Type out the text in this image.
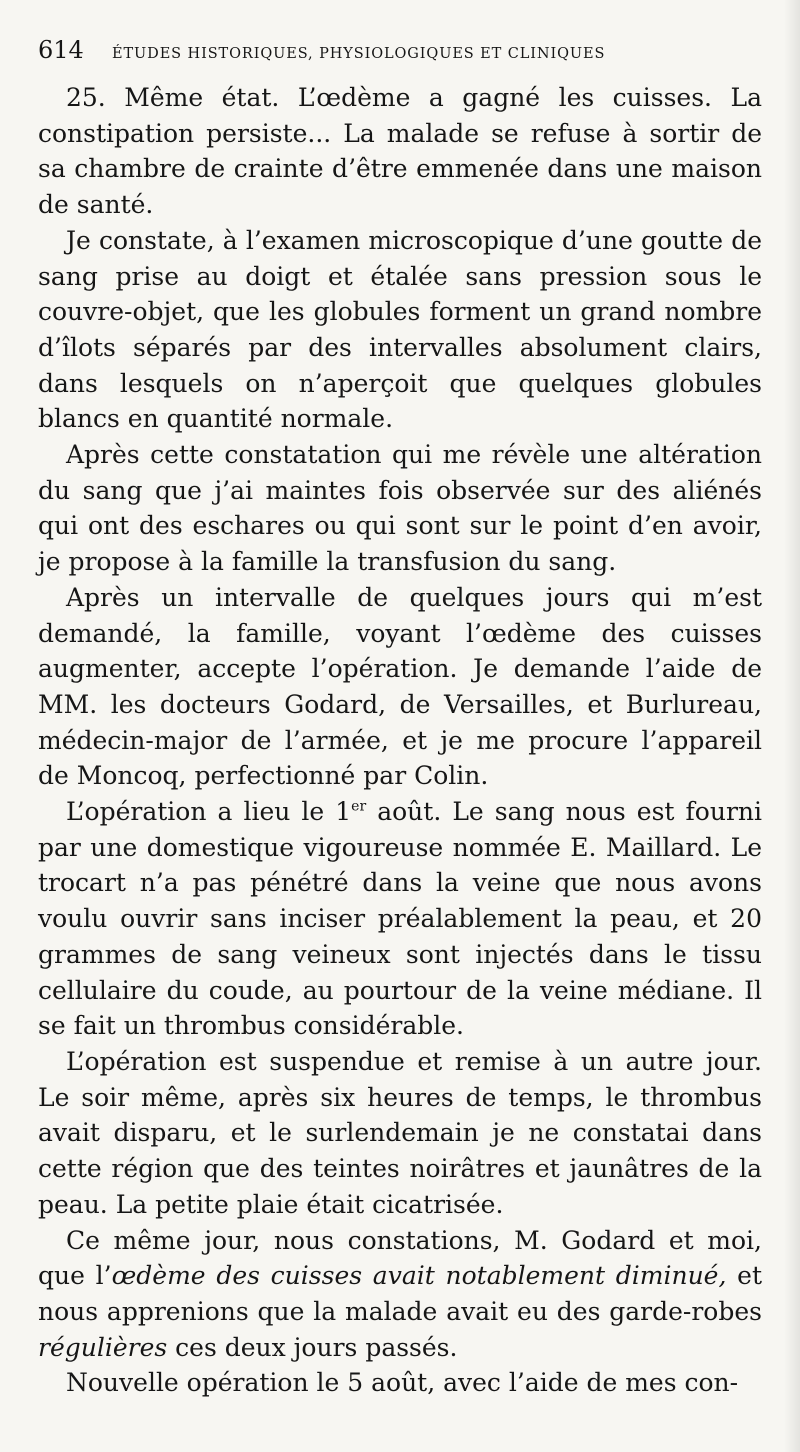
614	ÉTUDES HISTORIQUES, PHYSIOLOGIQUES ET CLINIQUES

25. Même état. L’œdème a gagné les cuisses. La constipation persiste... La malade se refuse à sortir de sa chambre de crainte d’être emmenée dans une maison de santé.

Je constate, à l’examen microscopique d’une goutte de sang prise au doigt et étalée sans pression sous le couvre-objet, que les globules forment un grand nombre d’îlots séparés par des intervalles absolument clairs, dans lesquels on n’aperçoit que quelques globules blancs en quantité normale.

Après cette constatation qui me révèle une altération du sang que j’ai maintes fois observée sur des aliénés qui ont des eschares ou qui sont sur le point d’en avoir, je propose à la famille la transfusion du sang.

Après un intervalle de quelques jours qui m’est demandé, la famille, voyant l’œdème des cuisses augmenter, accepte l’opération. Je demande l’aide de MM. les docteurs Godard, de Versailles, et Burlureau, médecin-major de l’armée, et je me procure l’appareil de Moncoq, perfectionné par Colin.

L’opération a lieu le 1er août. Le sang nous est fourni par une domestique vigoureuse nommée E. Maillard. Le trocart n’a pas pénétré dans la veine que nous avons voulu ouvrir sans inciser préalablement la peau, et 20 grammes de sang veineux sont injectés dans le tissu cellulaire du coude, au pourtour de la veine médiane. Il se fait un thrombus considérable.

L’opération est suspendue et remise à un autre jour. Le soir même, après six heures de temps, le thrombus avait disparu, et le surlendemain je ne constatai dans cette région que des teintes noirâtres et jaunâtres de la peau. La petite plaie était cicatrisée.

Ce même jour, nous constations, M. Godard et moi, que l’œdème des cuisses avait notablement diminué, et nous apprenions que la malade avait eu des garde-robes régulières ces deux jours passés.

Nouvelle opération le 5 août, avec l’aide de mes con-
